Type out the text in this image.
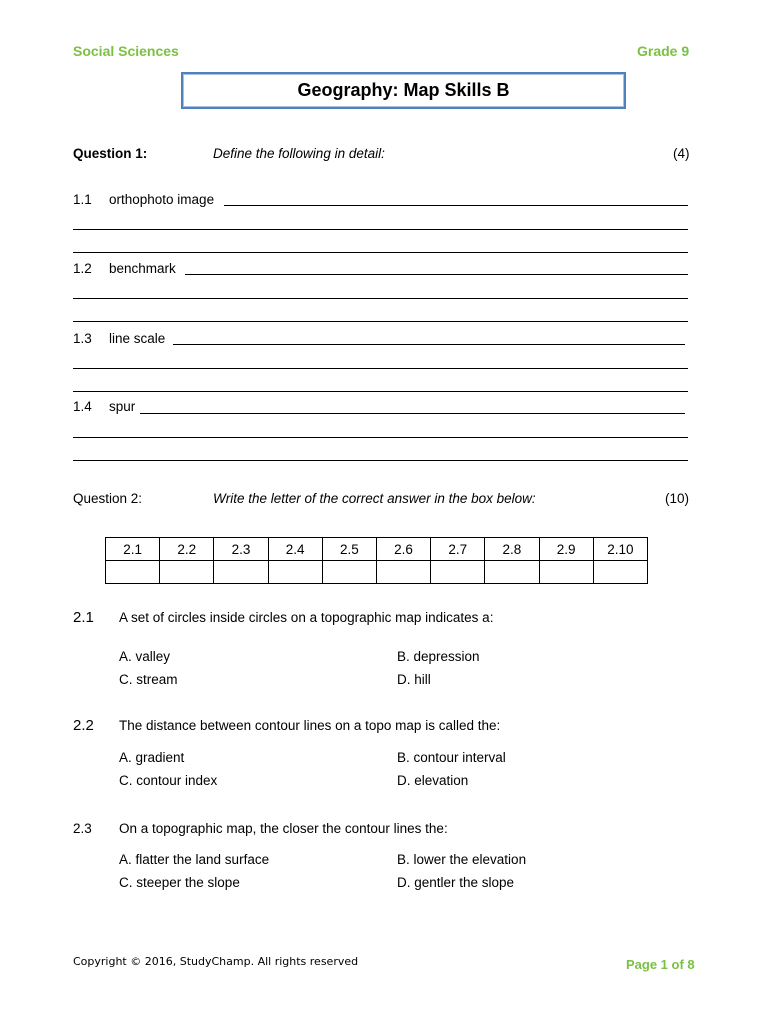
Social Sciences	Grade 9
Geography: Map Skills B
Question 1:	Define the following in detail:	(4)
1.1 orthophoto image
1.2 benchmark
1.3 line scale
1.4 spur
Question 2:	Write the letter of the correct answer in the box below:	(10)
2.1	2.2	2.3	2.4	2.5	2.6	2.7	2.8	2.9	2.10

2.1 A set of circles inside circles on a topographic map indicates a:
A. valley	B. depression
C. stream	D. hill
2.2 The distance between contour lines on a topo map is called the:
A. gradient	B. contour interval
C. contour index	D. elevation
2.3 On a topographic map, the closer the contour lines the:
A. flatter the land surface	B. lower the elevation
C. steeper the slope	D. gentler the slope
Copyright © 2016, StudyChamp. All rights reserved	Page 1 of 8
